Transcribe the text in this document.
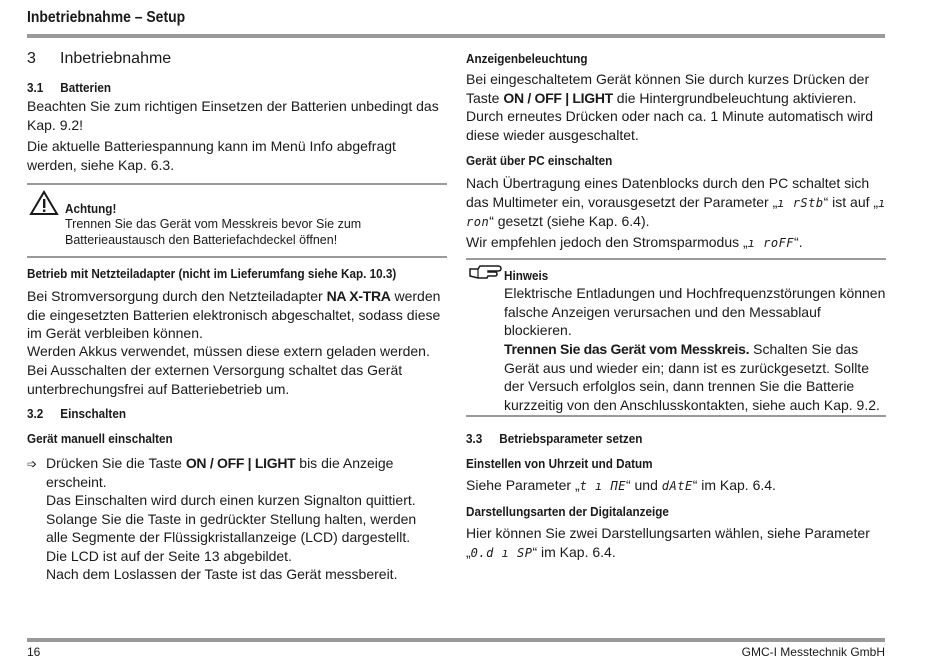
Inbetriebnahme – Setup
3 Inbetriebnahme
3.1 Batterien
Beachten Sie zum richtigen Einsetzen der Batterien unbedingt das Kap. 9.2!
Die aktuelle Batteriespannung kann im Menü Info abgefragt werden, siehe Kap. 6.3.
Achtung!
Trennen Sie das Gerät vom Messkreis bevor Sie zum Batterieaustausch den Batteriefachdeckel öffnen!
Betrieb mit Netzteiladapter (nicht im Lieferumfang siehe Kap. 10.3)
Bei Stromversorgung durch den Netzteiladapter NA X-TRA werden die eingesetzten Batterien elektronisch abgeschaltet, sodass diese im Gerät verbleiben können.
Werden Akkus verwendet, müssen diese extern geladen werden.
Bei Ausschalten der externen Versorgung schaltet das Gerät unterbrechungsfrei auf Batteriebetrieb um.
3.2 Einschalten
Gerät manuell einschalten
➩ Drücken Sie die Taste ON / OFF | LIGHT bis die Anzeige erscheint.
Das Einschalten wird durch einen kurzen Signalton quittiert.
Solange Sie die Taste in gedrückter Stellung halten, werden
alle Segmente der Flüssigkristallanzeige (LCD) dargestellt.
Die LCD ist auf der Seite 13 abgebildet.
Nach dem Loslassen der Taste ist das Gerät messbereit.
Anzeigenbeleuchtung
Bei eingeschaltetem Gerät können Sie durch kurzes Drücken der Taste ON / OFF | LIGHT die Hintergrundbeleuchtung aktivieren. Durch erneutes Drücken oder nach ca. 1 Minute automatisch wird diese wieder ausgeschaltet.
Gerät über PC einschalten
Nach Übertragung eines Datenblocks durch den PC schaltet sich das Multimeter ein, vorausgesetzt der Parameter „ı rStb“ ist auf „ı ron“ gesetzt (siehe Kap. 6.4).
Wir empfehlen jedoch den Stromsparmodus „ı roFF“.
Hinweis
Elektrische Entladungen und Hochfrequenzstörungen können falsche Anzeigen verursachen und den Messablauf blockieren.
Trennen Sie das Gerät vom Messkreis. Schalten Sie das Gerät aus und wieder ein; dann ist es zurückgesetzt. Sollte der Versuch erfolglos sein, dann trennen Sie die Batterie kurzzeitig von den Anschlusskontakten, siehe auch Kap. 9.2.
3.3 Betriebsparameter setzen
Einstellen von Uhrzeit und Datum
Siehe Parameter „t ı ΠE“ und dAtE“ im Kap. 6.4.
Darstellungsarten der Digitalanzeige
Hier können Sie zwei Darstellungsarten wählen, siehe Parameter „0.d ı SP“ im Kap. 6.4.
16	GMC-I Messtechnik GmbH
